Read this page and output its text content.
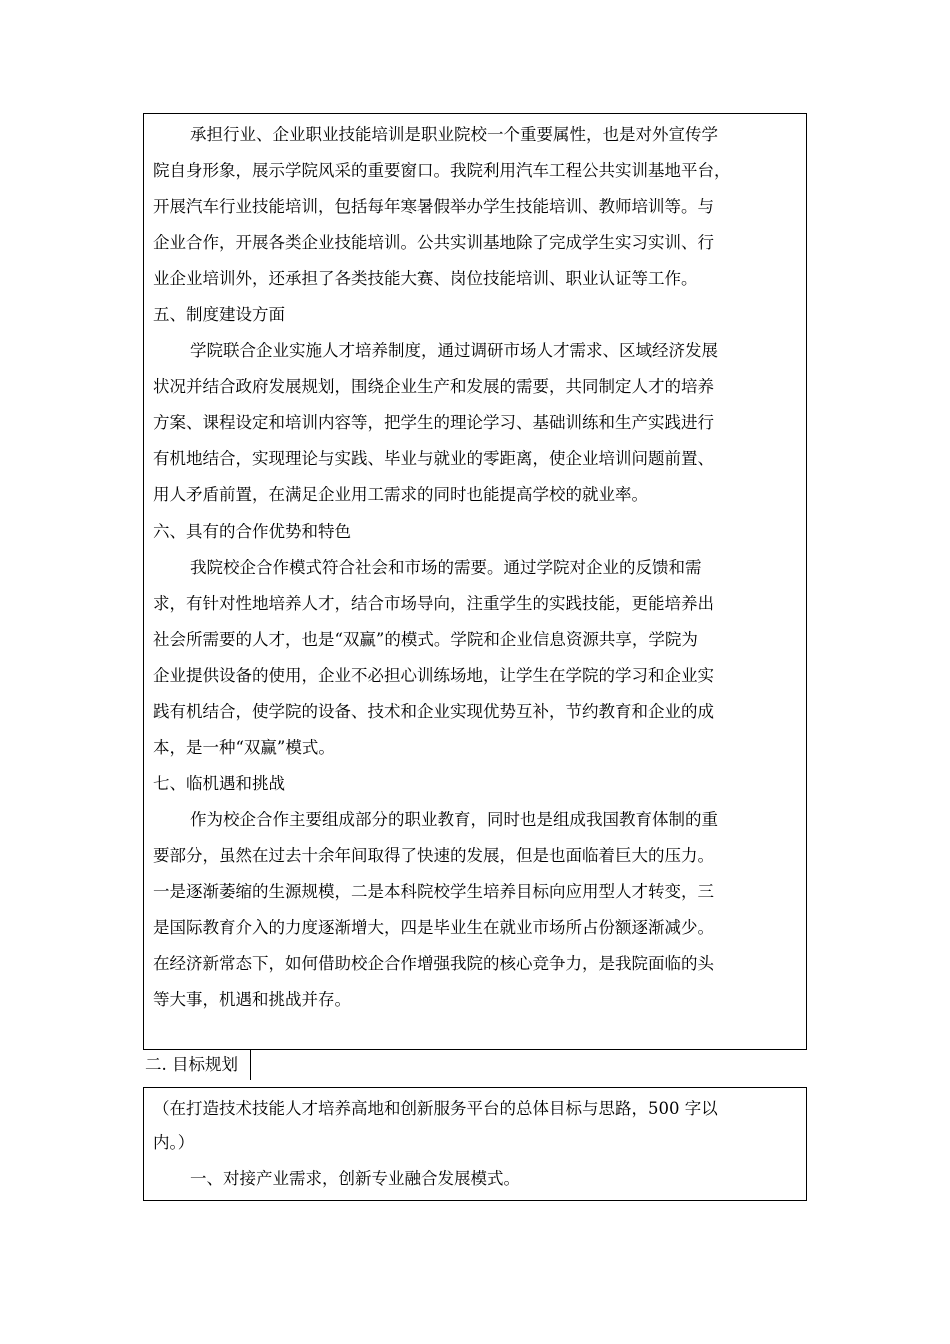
承担行业、企业职业技能培训是职业院校一个重要属性，也是对外宣传学

院自身形象，展示学院风采的重要窗口。我院利用汽车工程公共实训基地平台，

开展汽车行业技能培训，包括每年寒暑假举办学生技能培训、教师培训等。与

企业合作，开展各类企业技能培训。公共实训基地除了完成学生实习实训、行

业企业培训外，还承担了各类技能大赛、岗位技能培训、职业认证等工作。

五、制度建设方面

学院联合企业实施人才培养制度，通过调研市场人才需求、区域经济发展

状况并结合政府发展规划，围绕企业生产和发展的需要，共同制定人才的培养

方案、课程设定和培训内容等，把学生的理论学习、基础训练和生产实践进行

有机地结合，实现理论与实践、毕业与就业的零距离，使企业培训问题前置、

用人矛盾前置，在满足企业用工需求的同时也能提高学校的就业率。

六、具有的合作优势和特色

我院校企合作模式符合社会和市场的需要。通过学院对企业的反馈和需

求，有针对性地培养人才，结合市场导向，注重学生的实践技能，更能培养出

社会所需要的人才，也是“双赢”的模式。学院和企业信息资源共享，学院为

企业提供设备的使用，企业不必担心训练场地，让学生在学院的学习和企业实

践有机结合，使学院的设备、技术和企业实现优势互补，节约教育和企业的成

本，是一种“双赢”模式。

七、临机遇和挑战

作为校企合作主要组成部分的职业教育，同时也是组成我国教育体制的重

要部分，虽然在过去十余年间取得了快速的发展，但是也面临着巨大的压力。

一是逐渐萎缩的生源规模，二是本科院校学生培养目标向应用型人才转变，三

是国际教育介入的力度逐渐增大，四是毕业生在就业市场所占份额逐渐减少。

在经济新常态下，如何借助校企合作增强我院的核心竞争力，是我院面临的头

等大事，机遇和挑战并存。

二. 目标规划

（在打造技术技能人才培养高地和创新服务平台的总体目标与思路，500 字以

内。）

一、对接产业需求，创新专业融合发展模式。
